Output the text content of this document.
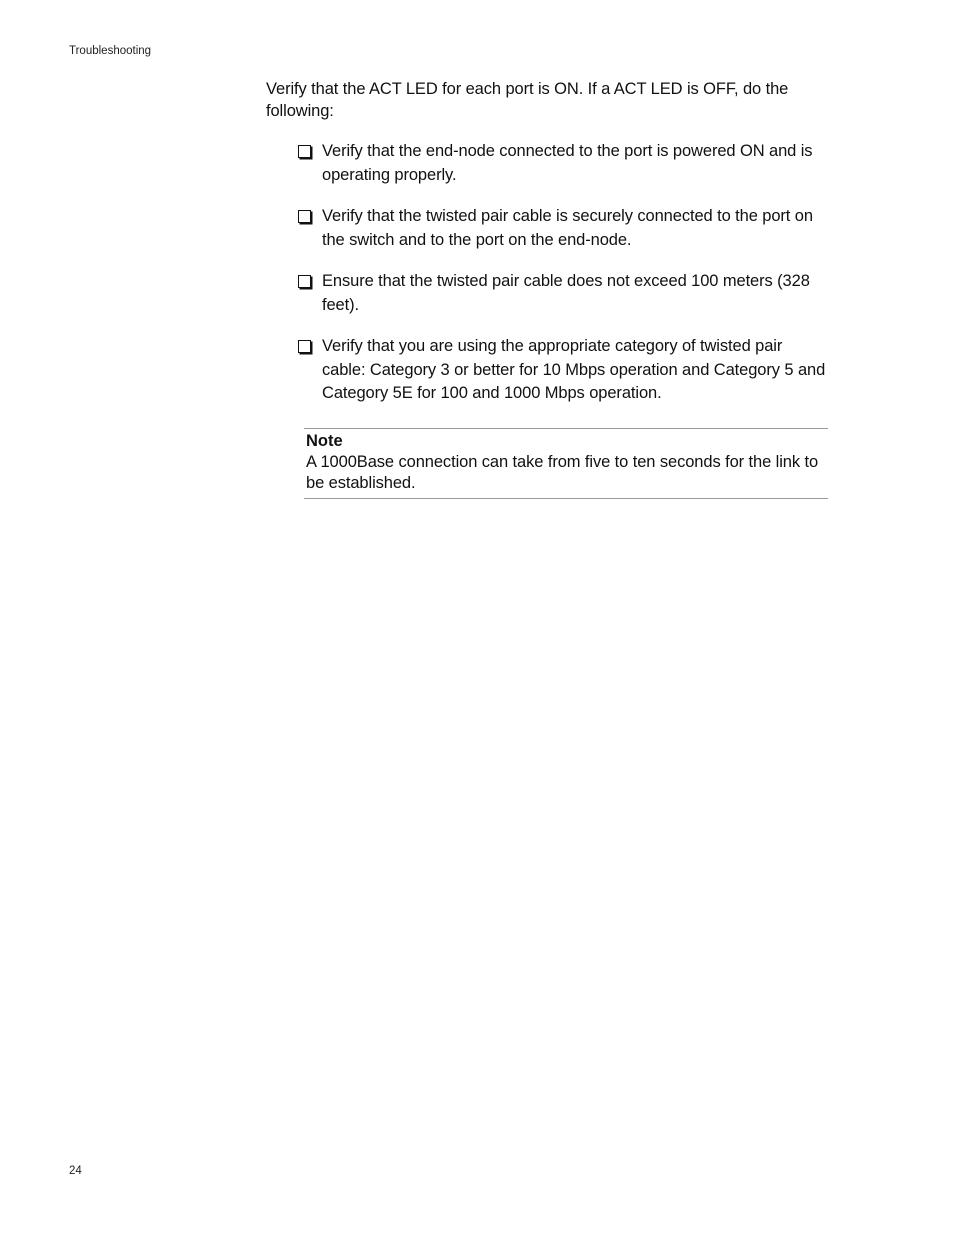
Troubleshooting

Verify that the ACT LED for each port is ON. If a ACT LED is OFF, do the following:

Verify that the end-node connected to the port is powered ON and is operating properly.
Verify that the twisted pair cable is securely connected to the port on the switch and to the port on the end-node.
Ensure that the twisted pair cable does not exceed 100 meters (328 feet).
Verify that you are using the appropriate category of twisted pair cable: Category 3 or better for 10 Mbps operation and Category 5 and Category 5E for 100 and 1000 Mbps operation.
Note
A 1000Base connection can take from five to ten seconds for the link to be established.
24
